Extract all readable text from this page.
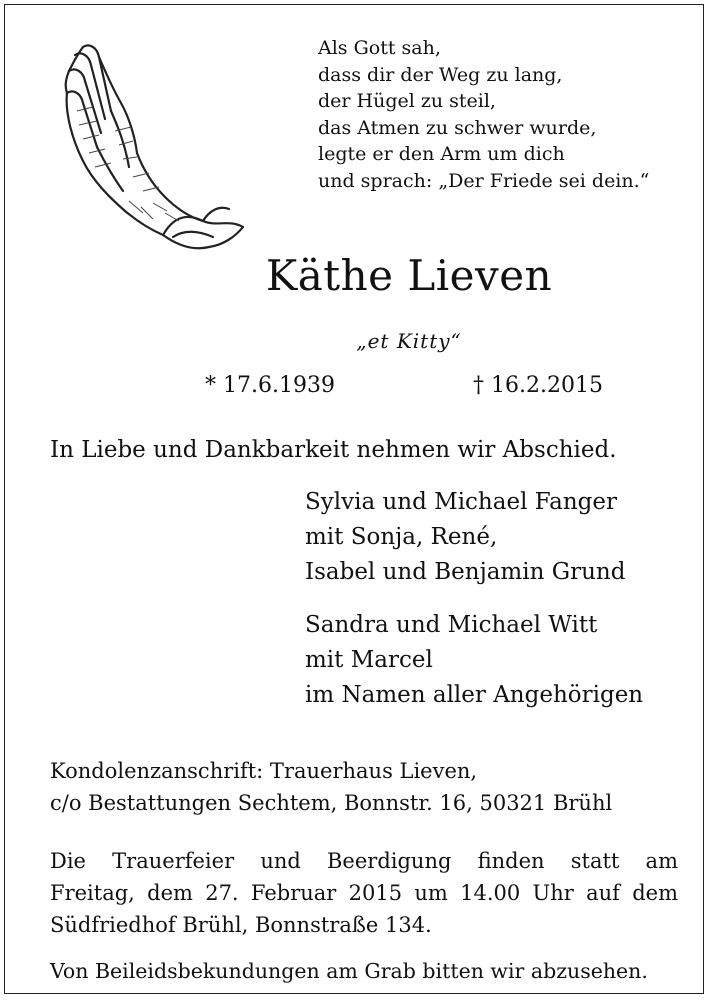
Als Gott sah,
dass dir der Weg zu lang,
der Hügel zu steil,
das Atmen zu schwer wurde,
legte er den Arm um dich
und sprach: „Der Friede sei dein.“
Käthe Lieven
„et Kitty“
* 17.6.1939	† 16.2.2015
In Liebe und Dankbarkeit nehmen wir Abschied.
Sylvia und Michael Fanger
mit Sonja, René,
Isabel und Benjamin Grund
Sandra und Michael Witt
mit Marcel
im Namen aller Angehörigen
Kondolenzanschrift: Trauerhaus Lieven,
c/o Bestattungen Sechtem, Bonnstr. 16, 50321 Brühl
Die Trauerfeier und Beerdigung finden statt am
Freitag, dem 27. Februar 2015 um 14.00 Uhr auf dem
Südfriedhof Brühl, Bonnstraße 134.
Von Beileidsbekundungen am Grab bitten wir abzusehen.
